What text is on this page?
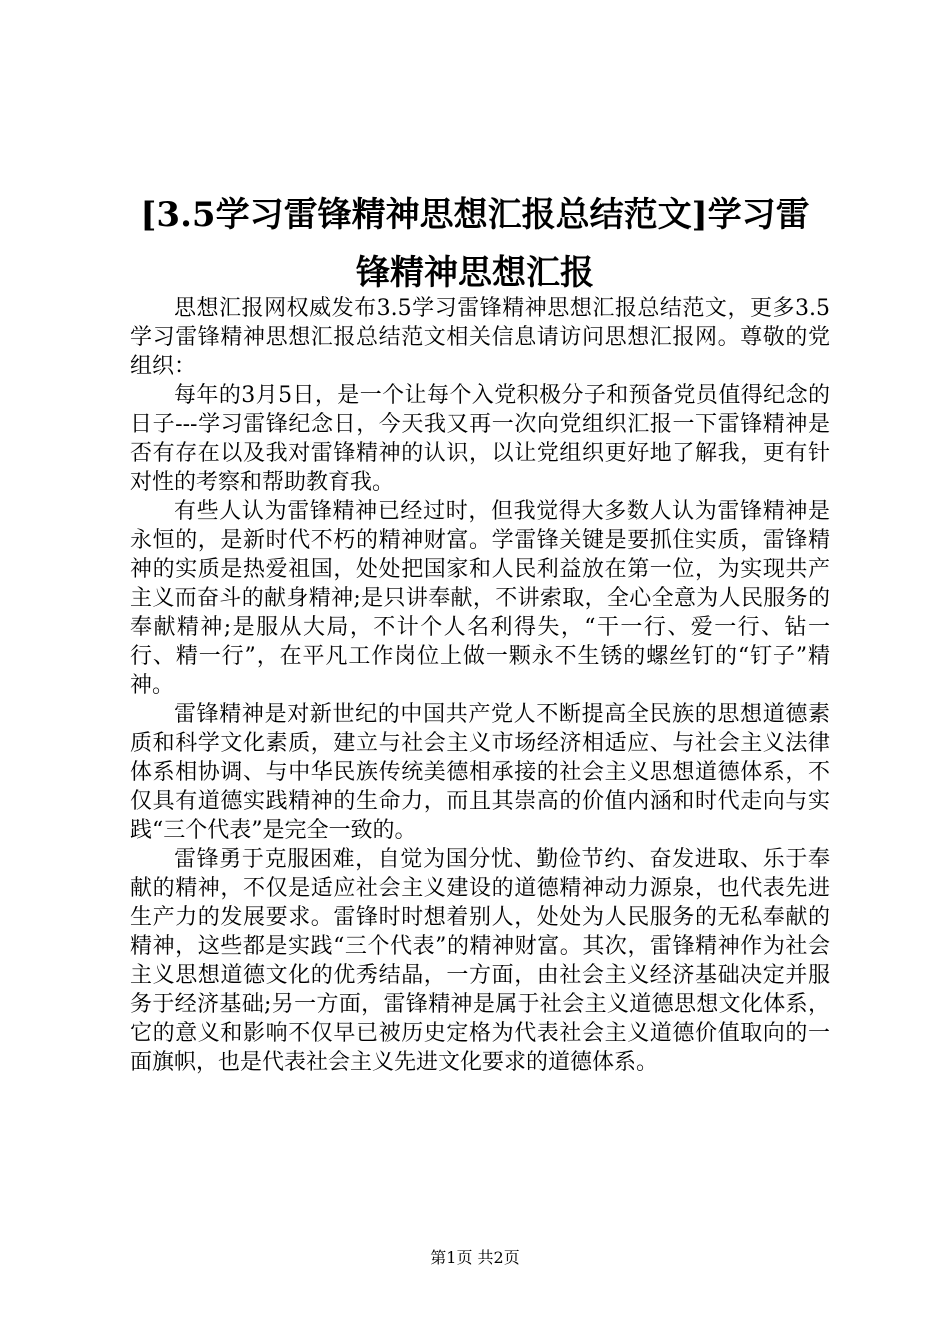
[3.5学习雷锋精神思想汇报总结范文]学习雷
锋精神思想汇报

思想汇报网权威发布3.5学习雷锋精神思想汇报总结范文，更多3.5学习雷锋精神思想汇报总结范文相关信息请访问思想汇报网。尊敬的党组织：

每年的3月5日，是一个让每个入党积极分子和预备党员值得纪念的日子---学习雷锋纪念日，今天我又再一次向党组织汇报一下雷锋精神是否有存在以及我对雷锋精神的认识，以让党组织更好地了解我，更有针对性的考察和帮助教育我。

有些人认为雷锋精神已经过时，但我觉得大多数人认为雷锋精神是永恒的，是新时代不朽的精神财富。学雷锋关键是要抓住实质，雷锋精神的实质是热爱祖国，处处把国家和人民利益放在第一位，为实现共产主义而奋斗的献身精神;是只讲奉献，不讲索取，全心全意为人民服务的奉献精神;是服从大局，不计个人名利得失，“干一行、爱一行、钻一行、精一行”，在平凡工作岗位上做一颗永不生锈的螺丝钉的“钉子”精神。

雷锋精神是对新世纪的中国共产党人不断提高全民族的思想道德素质和科学文化素质，建立与社会主义市场经济相适应、与社会主义法律体系相协调、与中华民族传统美德相承接的社会主义思想道德体系，不仅具有道德实践精神的生命力，而且其崇高的价值内涵和时代走向与实践“三个代表”是完全一致的。

雷锋勇于克服困难，自觉为国分忧、勤俭节约、奋发进取、乐于奉献的精神，不仅是适应社会主义建设的道德精神动力源泉，也代表先进生产力的发展要求。雷锋时时想着别人，处处为人民服务的无私奉献的精神，这些都是实践“三个代表”的精神财富。其次，雷锋精神作为社会主义思想道德文化的优秀结晶，一方面，由社会主义经济基础决定并服务于经济基础;另一方面，雷锋精神是属于社会主义道德思想文化体系，它的意义和影响不仅早已被历史定格为代表社会主义道德价值取向的一面旗帜，也是代表社会主义先进文化要求的道德体系。

第1页 共2页
